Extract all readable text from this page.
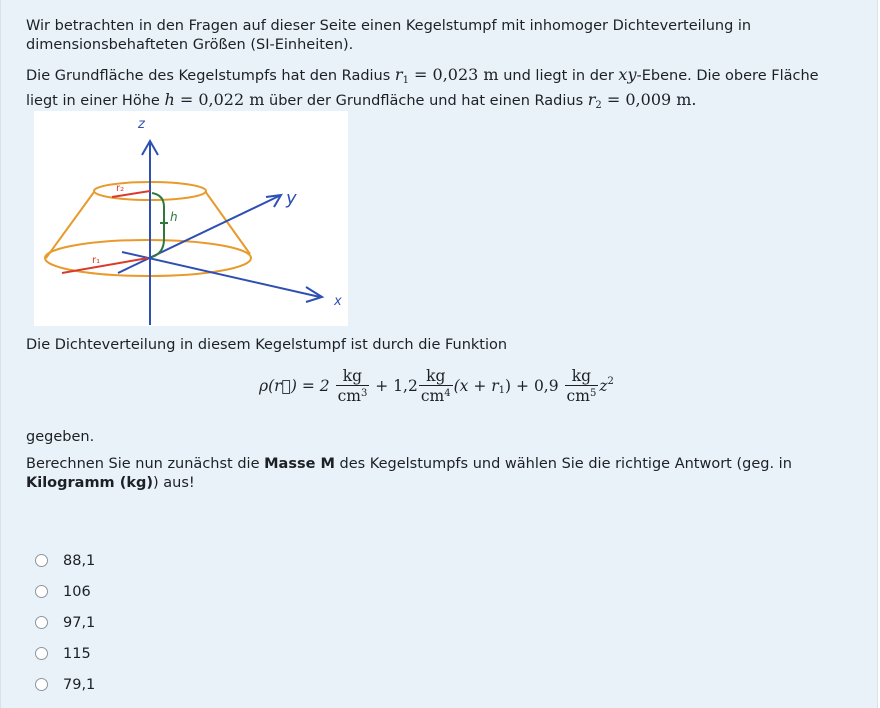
Wir betrachten in den Fragen auf dieser Seite einen Kegelstumpf mit inhomoger Dichteverteilung in
dimensionsbehafteten Größen (SI-Einheiten).

Die Grundfläche des Kegelstumpfs hat den Radius $r_1 = 0,023$ m und liegt in der xy-Ebene. Die obere Fläche
liegt in einer Höhe h = 0,022 m über der Grundfläche und hat einen Radius $r_2 = 0,009$ m.

z
y
x
r₁
r₂
h

Die Dichteverteilung in diesem Kegelstumpf ist durch die Funktion

ρ(r⃗) = $2 \frac{kg}{cm^3} + 1,2 \frac{kg}{cm^4} (x + r_1) + 0,9 \frac{kg}{cm^5} z^2$

gegeben.

Berechnen Sie nun zunächst die Masse M des Kegelstumpfs und wählen Sie die richtige Antwort (geg. in
Kilogramm (kg)) aus!

88,1
106
97,1
115
79,1
